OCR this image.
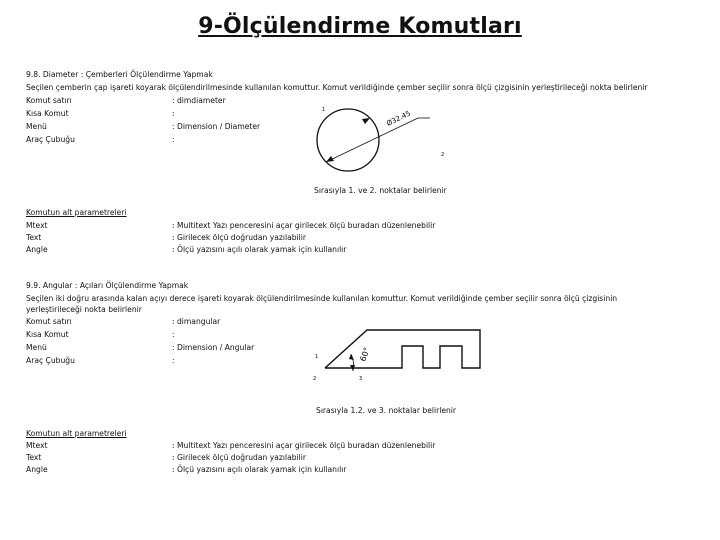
9-Ölçülendirme Komutları
9.8. Diameter : Çemberleri Ölçülendirme Yapmak
Seçilen çemberin çap işareti koyarak ölçülendirilmesinde kullanılan komuttur. Komut verildiğinde çember seçilir sonra ölçü çizgisinin yerleştirileceği nokta belirlenir
Komut satırı	: dimdiameter
Kısa Komut	:
Menü	: Dimension / Diameter
Araç Çubuğu	:
Ø32.45
1
2
Sırasıyla 1. ve 2. noktalar belirlenir
Komutun alt parametreleri
Mtext	: Multitext Yazı penceresini açar girilecek ölçü buradan düzenlenebilir
Text	: Girilecek ölçü doğrudan yazılabilir
Angle	: Ölçü yazısını açılı olarak yamak için kullanılır
9.9. Angular : Açıları Ölçülendirme Yapmak
Seçilen iki doğru arasında kalan açıyı derece işareti koyarak ölçülendirilmesinde kullanılan komuttur. Komut verildiğinde çember seçilir sonra ölçü çizgisinin
yerleştirileceği nokta belirlenir
Komut satırı	: dimangular
Kısa Komut	:
Menü	: Dimension / Angular
Araç Çubuğu	:	60°
1
2	3
Sırasıyla 1.2. ve 3. noktalar belirlenir
Komutun alt parametreleri
Mtext	: Multitext Yazı penceresini açar girilecek ölçü buradan düzenlenebilir
Text	: Girilecek ölçü doğrudan yazılabilir
Angle	: Ölçü yazısını açılı olarak yamak için kullanılır
